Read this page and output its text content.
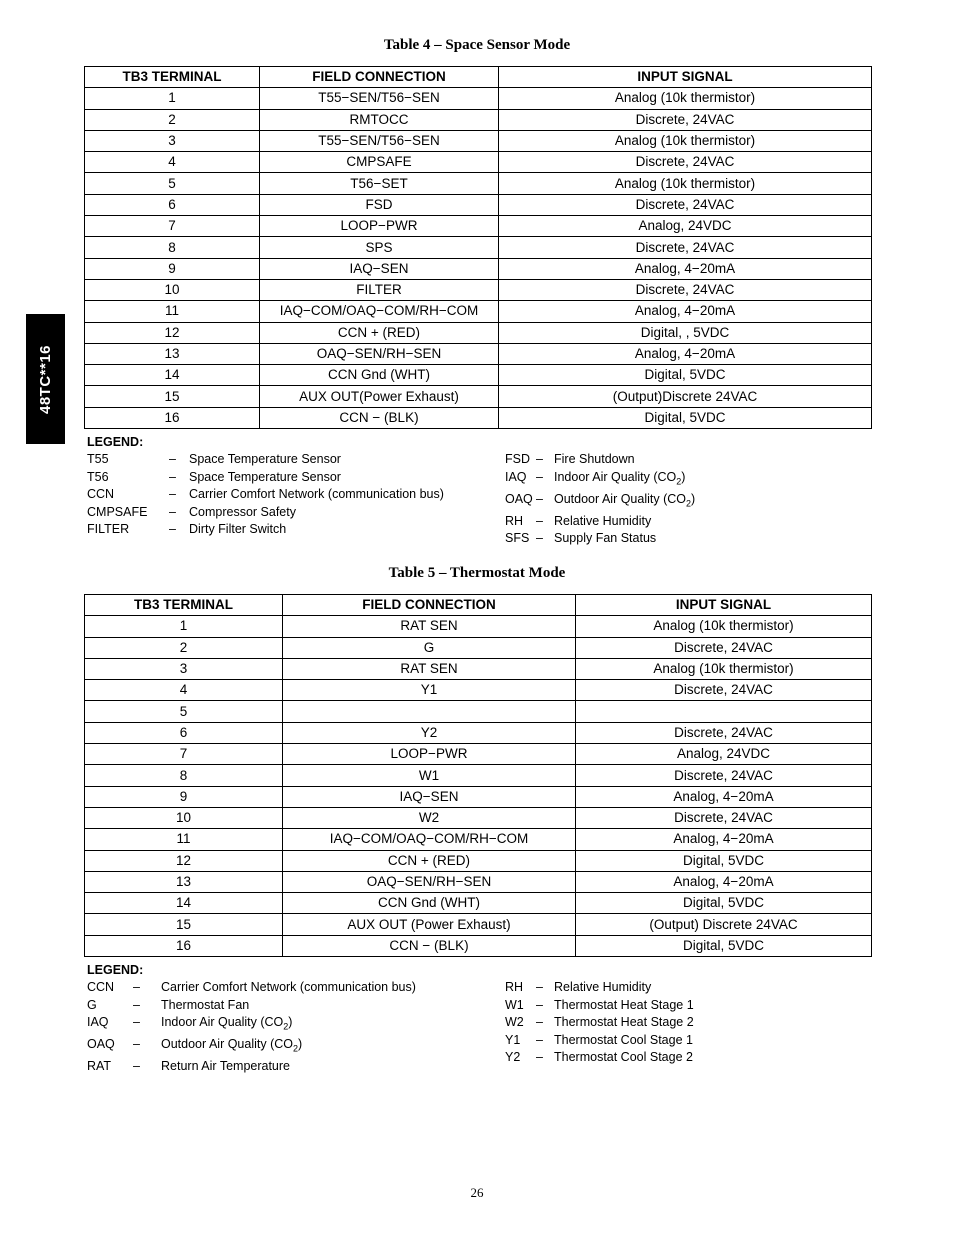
48TC**16
Table 4 – Space Sensor Mode
TB3 TERMINAL	FIELD CONNECTION	INPUT SIGNAL
1	T55−SEN/T56−SEN	Analog (10k thermistor)
2	RMTOCC	Discrete, 24VAC
3	T55−SEN/T56−SEN	Analog (10k thermistor)
4	CMPSAFE	Discrete, 24VAC
5	T56−SET	Analog (10k thermistor)
6	FSD	Discrete, 24VAC
7	LOOP−PWR	Analog, 24VDC
8	SPS	Discrete, 24VAC
9	IAQ−SEN	Analog, 4−20mA
10	FILTER	Discrete, 24VAC
11	IAQ−COM/OAQ−COM/RH−COM	Analog, 4−20mA
12	CCN + (RED)	Digital, , 5VDC
13	OAQ−SEN/RH−SEN	Analog, 4−20mA
14	CCN Gnd (WHT)	Digital, 5VDC
15	AUX OUT(Power Exhaust)	(Output)Discrete 24VAC
16	CCN − (BLK)	Digital, 5VDC
LEGEND:
T55	–	Space Temperature Sensor
T56	–	Space Temperature Sensor
CCN	–	Carrier Comfort Network (communication bus)
CMPSAFE	–	Compressor Safety
FILTER	–	Dirty Filter Switch
FSD – Fire Shutdown
IAQ – Indoor Air Quality $(CO_2)$
OAQ – Outdoor Air Quality $(CO_2)$
RH	– Relative Humidity
SFS – Supply Fan Status
Table 5 – Thermostat Mode
TB3 TERMINAL	FIELD CONNECTION	INPUT SIGNAL
1	RAT SEN	Analog (10k thermistor)
2	G	Discrete, 24VAC
3	RAT SEN	Analog (10k thermistor)
4	Y1	Discrete, 24VAC
5		
6	Y2	Discrete, 24VAC
7	LOOP−PWR	Analog, 24VDC
8	W1	Discrete, 24VAC
9	IAQ−SEN	Analog, 4−20mA
10	W2	Discrete, 24VAC
11	IAQ−COM/OAQ−COM/RH−COM	Analog, 4−20mA
12	CCN + (RED)	Digital, 5VDC
13	OAQ−SEN/RH−SEN	Analog, 4−20mA
14	CCN Gnd (WHT)	Digital, 5VDC
15	AUX OUT (Power Exhaust)	(Output) Discrete 24VAC
16	CCN − (BLK)	Digital, 5VDC
LEGEND:
CCN	–	Carrier Comfort Network (communication bus)
G	–	Thermostat Fan
IAQ	–	Indoor Air Quality $(CO_2)$
OAQ	–	Outdoor Air Quality $(CO_2)$
RAT	–	Return Air Temperature
RH	– Relative Humidity
W1 – Thermostat Heat Stage 1
W2 – Thermostat Heat Stage 2
Y1	– Thermostat Cool Stage 1
Y2	– Thermostat Cool Stage 2
26
